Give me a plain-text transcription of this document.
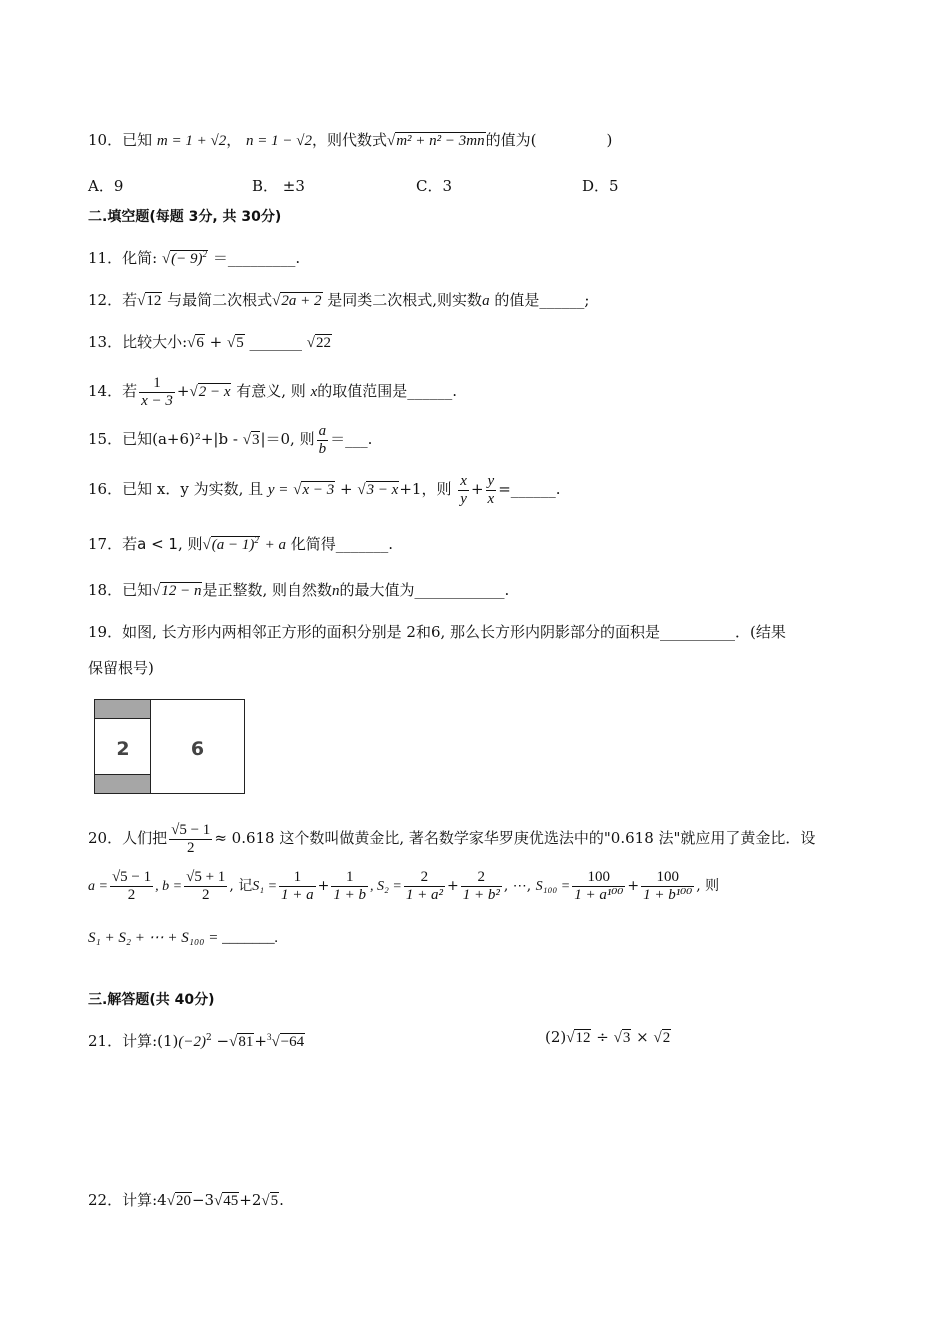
10．已知 m = 1 + √2， n = 1 − √2，则代数式√m² + n² − 3mn的值为(	)
A．9	B． ±3	C．3	D．5
二.填空题(每题 3分, 共 30分)
11．化简: √(− 9)$^2$ ＝_________.
12．若√12 与最简二次根式√2a + 2 是同类二次根式,则实数a 的值是______;
13．比较大小:√6 + √5 _______ √22
14．若 $\frac{1}{x - 3} +√2 - x$ 有意义, 则 x的取值范围是______.
15．已知(a+6)²+|b - √3|＝0, 则 $\frac{a}{b}$ ＝___.
16．已知 x．y 为实数, 且 y = √x − 3 + √3 − x+1，则 $\frac{x}{y} + \frac{y}{x}$ =______.
17．若a < 1, 则$√(a - 1)^2 + a$ 化简得_______.
18．已知√12 − n是正整数, 则自然数n的最大值为____________.
19．如图, 长方形内两相邻正方形的面积分别是 2和6, 那么长方形内阴影部分的面积是__________．(结果
保留根号)
2	6
20．人们把 $\frac{√5 - 1}{2} \approx 0.618$ 这个数叫做黄金比, 著名数学家华罗庚优选法中的"0.618 法"就应用了黄金比．设
$a = \frac{√5 - 1}{2}$ , $b = \frac{√5 + 1}{2}$ , 记$S_1 = \frac{1}{1 + a} + \frac{1}{1 + b}$ , $S_2 = \frac{2}{\text{1 + a²}} + \frac{2}{\text{1 + b²}}$ , ⋯, $S_{100} = \frac{100}{\text{1 + a¹⁰⁰}} + \frac{100}{\text{1 + b¹⁰⁰}}$ , 则
S₁ + S₂ + ⋯ + S₁₀₀ = _______.
三.解答题(共 40分)
21．计算$:(1)(-2)^2 -√81+^3√-64$	(2)√12 ÷ √3 × √2
22．计算:4√20−3√45+2√5.
